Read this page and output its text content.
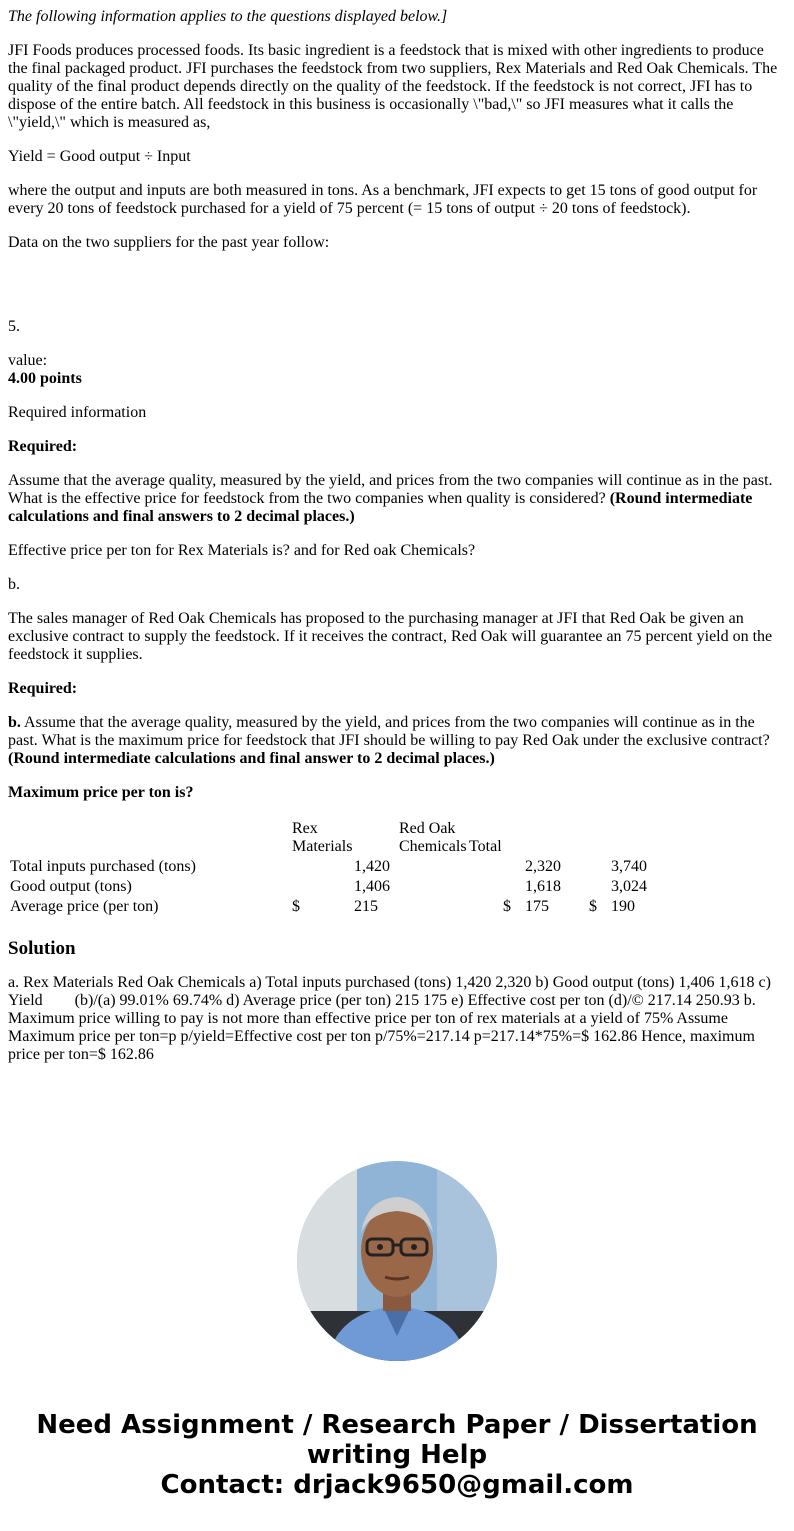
The following information applies to the questions displayed below.]

JFI Foods produces processed foods. Its basic ingredient is a feedstock that is mixed with other ingredients to produce the final packaged product. JFI purchases the feedstock from two suppliers, Rex Materials and Red Oak Chemicals. The quality of the final product depends directly on the quality of the feedstock. If the feedstock is not correct, JFI has to dispose of the entire batch. All feedstock in this business is occasionally \"bad,\" so JFI measures what it calls the \"yield,\" which is measured as,

Yield = Good output ÷ Input

where the output and inputs are both measured in tons. As a benchmark, JFI expects to get 15 tons of good output for every 20 tons of feedstock purchased for a yield of 75 percent (= 15 tons of output ÷ 20 tons of feedstock).

Data on the two suppliers for the past year follow:

5.

value:
4.00 points

Required information

Required:

Assume that the average quality, measured by the yield, and prices from the two companies will continue as in the past. What is the effective price for feedstock from the two companies when quality is considered? (Round intermediate calculations and final answers to 2 decimal places.)

Effective price per ton for Rex Materials is? and for Red oak Chemicals?

b.

The sales manager of Red Oak Chemicals has proposed to the purchasing manager at JFI that Red Oak be given an exclusive contract to supply the feedstock. If it receives the contract, Red Oak will guarantee an 75 percent yield on the feedstock it supplies.

Required:

b. Assume that the average quality, measured by the yield, and prices from the two companies will continue as in the past. What is the maximum price for feedstock that JFI should be willing to pay Red Oak under the exclusive contract? (Round intermediate calculations and final answer to 2 decimal places.)

Maximum price per ton is?

Rex
Materials
Red Oak
Chemicals Total
Total inputs purchased (tons)	1,420	2,320	3,740
Good output (tons)	1,406	1,618	3,024
Average price (per ton)	$	215	$ 175	$ 190
Solution

a. Rex Materials Red Oak Chemicals a) Total inputs purchased (tons) 1,420 2,320 b) Good output (tons) 1,406 1,618 c) Yield        (b)/(a) 99.01% 69.74% d) Average price (per ton) 215 175 e) Effective cost per ton (d)/© 217.14 250.93 b. Maximum price willing to pay is not more than effective price per ton of rex materials at a yield of 75% Assume Maximum price per ton=p p/yield=Effective cost per ton p/75%=217.14 p=217.14*75%=$ 162.86 Hence, maximum price per ton=$ 162.86

Need Assignment / Research Paper / Dissertation writing Help
Contact: drjack9650@gmail.com
